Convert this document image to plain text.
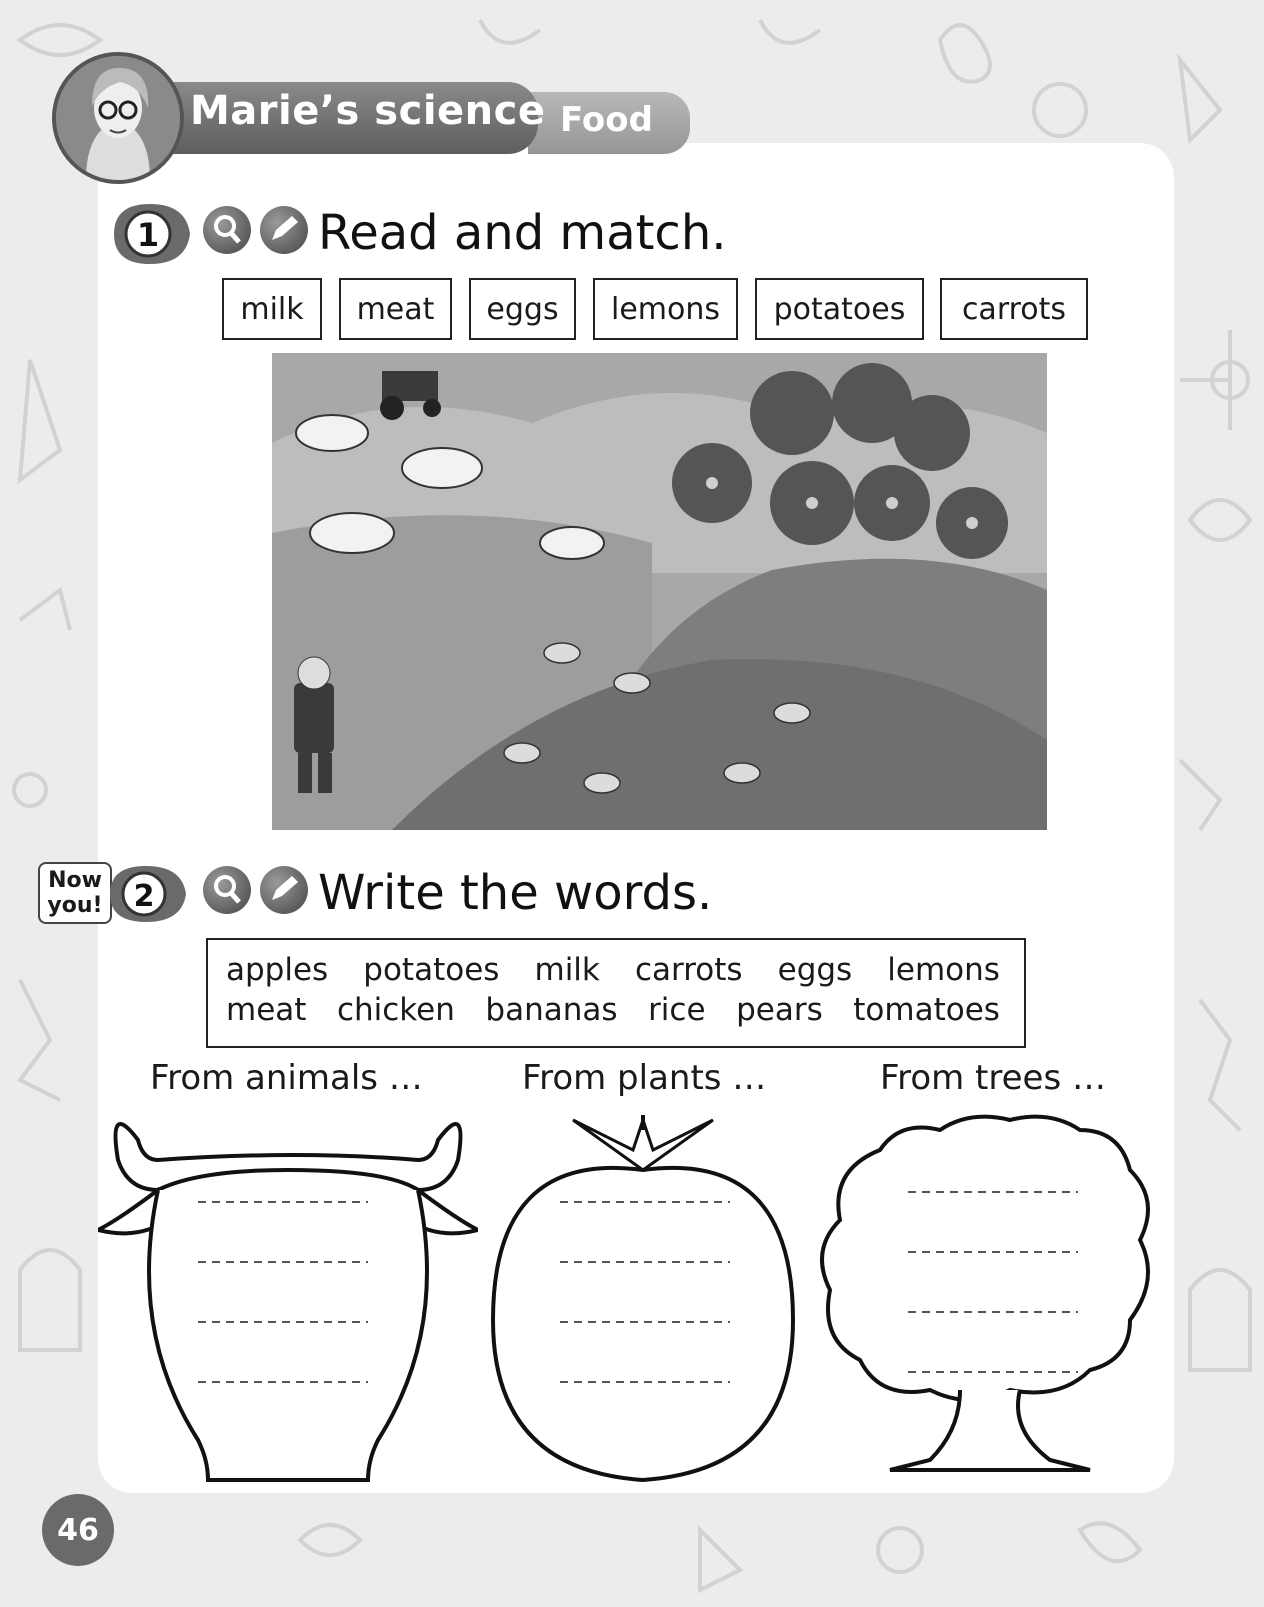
Marie’s science Food
1	Read and match.
milk	meat	eggs	lemons	potatoes	carrots
Now you!	2	Write the words.
apples potatoes milk carrots eggs lemons
meat chicken bananas rice pears tomatoes
From animals …	From plants …	From trees …
46
